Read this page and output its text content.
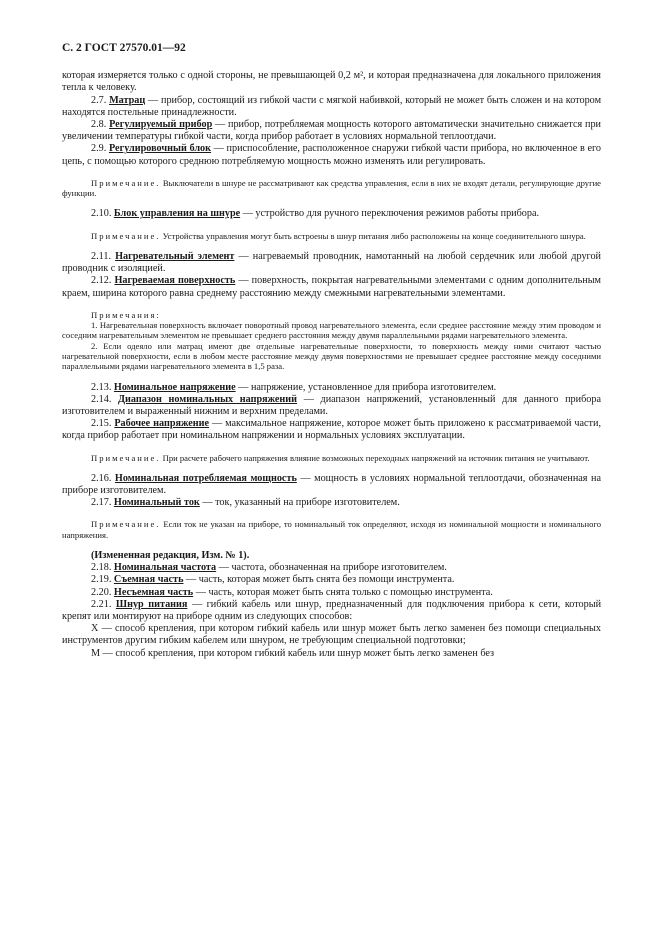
С. 2 ГОСТ 27570.01—92

которая измеряется только с одной стороны, не превышающей 0,2 м², и которая предназначена для локального приложения тепла к человеку.

2.7. Матрац — прибор, состоящий из гибкой части с мягкой набивкой, который не может быть сложен и на котором находятся постельные принадлежности.

2.8. Регулируемый прибор — прибор, потребляемая мощность которого автоматически значительно снижается при увеличении температуры гибкой части, когда прибор работает в условиях нормальной теплоотдачи.

2.9. Регулировочный блок — приспособление, расположенное снаружи гибкой части прибора, но включенное в его цепь, с помощью которого среднюю потребляемую мощность можно изменять или регулировать.

Примечание. Выключатели в шнуре не рассматривают как средства управления, если в них не входят детали, регулирующие другие функции.

2.10. Блок управления на шнуре — устройство для ручного переключения режимов работы прибора.

Примечание. Устройства управления могут быть встроены в шнур питания либо расположены на конце соединительного шнура.

2.11. Нагревательный элемент — нагреваемый проводник, намотанный на любой сердечник или любой другой проводник с изоляцией.

2.12. Нагреваемая поверхность — поверхность, покрытая нагревательными элементами с одним дополнительным краем, ширина которого равна среднему расстоянию между смежными нагревательными элементами.

Примечания:

1. Нагревательная поверхность включает поворотный провод нагревательного элемента, если среднее расстояние между этим проводом и соседним нагревательным элементом не превышает среднего расстояния между двумя параллельными рядами нагревательного элемента.

2. Если одеяло или матрац имеют две отдельные нагревательные поверхности, то поверхность между ними считают частью нагревательной поверхности, если в любом месте расстояние между двумя поверхностями не превышает среднее расстояние между соседними параллельными рядами нагревательного элемента в 1,5 раза.

2.13. Номинальное напряжение — напряжение, установленное для прибора изготовителем.

2.14. Диапазон номинальных напряжений — диапазон напряжений, установленный для данного прибора изготовителем и выраженный нижним и верхним пределами.

2.15. Рабочее напряжение — максимальное напряжение, которое может быть приложено к рассматриваемой части, когда прибор работает при номинальном напряжении и нормальных условиях эксплуатации.

Примечание. При расчете рабочего напряжения влияние возможных переходных напряжений на источник питания не учитывают.

2.16. Номинальная потребляемая мощность — мощность в условиях нормальной теплоотдачи, обозначенная на приборе изготовителем.

2.17. Номинальный ток — ток, указанный на приборе изготовителем.

Примечание. Если ток не указан на приборе, то номинальный ток определяют, исходя из номинальной мощности и номинального напряжения.

(Измененная редакция, Изм. № 1).

2.18. Номинальная частота — частота, обозначенная на приборе изготовителем.

2.19. Съемная часть — часть, которая может быть снята без помощи инструмента.

2.20. Несъемная часть — часть, которая может быть снята только с помощью инструмента.

2.21. Шнур питания — гибкий кабель или шнур, предназначенный для подключения прибора к сети, который крепят или монтируют на приборе одним из следующих способов:

X — способ крепления, при котором гибкий кабель или шнур может быть легко заменен без помощи специальных инструментов другим гибким кабелем или шнуром, не требующим специальной подготовки;

М — способ крепления, при котором гибкий кабель или шнур может быть легко заменен без
